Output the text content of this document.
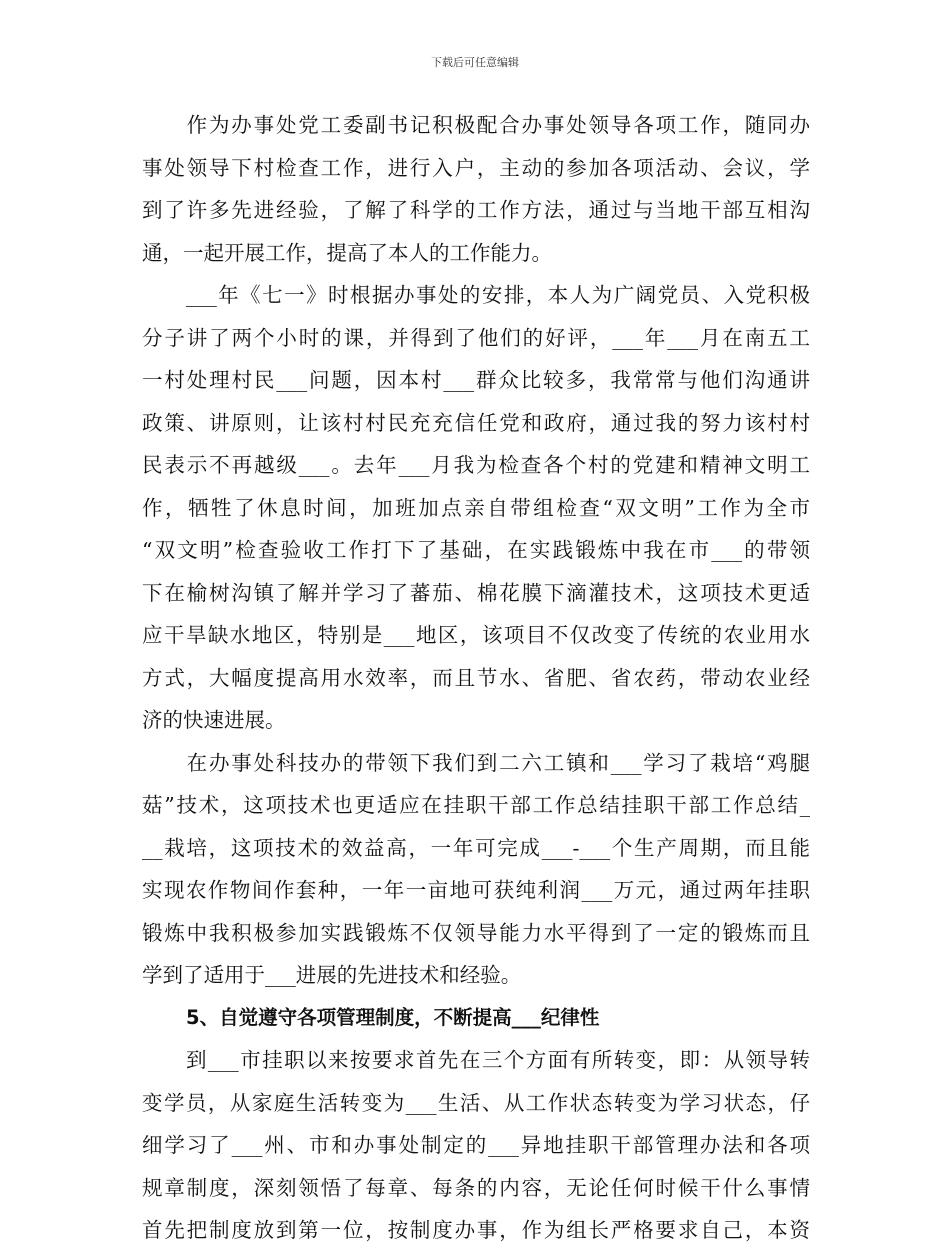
下载后可任意编辑
　　作为办事处党工委副书记积极配合办事处领导各项工作，随同办
事处领导下村检查工作，进行入户，主动的参加各项活动、会议，学
到了许多先进经验，了解了科学的工作方法，通过与当地干部互相沟
通，一起开展工作，提高了本人的工作能力。
　　___年《七一》时根据办事处的安排，本人为广阔党员、入党积极
分子讲了两个小时的课，并得到了他们的好评，___年___月在南五工
一村处理村民___问题，因本村___群众比较多，我常常与他们沟通讲
政策、讲原则，让该村村民充充信任党和政府，通过我的努力该村村
民表示不再越级___。去年___月我为检查各个村的党建和精神文明工
作，牺牲了休息时间，加班加点亲自带组检查“双文明”工作为全市
“双文明”检查验收工作打下了基础，在实践锻炼中我在市___的带领
下在榆树沟镇了解并学习了蕃茄、棉花膜下滴灌技术，这项技术更适
应干旱缺水地区，特别是___地区，该项目不仅改变了传统的农业用水
方式，大幅度提高用水效率，而且节水、省肥、省农药，带动农业经
济的快速进展。
　　在办事处科技办的带领下我们到二六工镇和___学习了栽培“鸡腿
菇”技术，这项技术也更适应在挂职干部工作总结挂职干部工作总结_
__栽培，这项技术的效益高，一年可完成___-___个生产周期，而且能
实现农作物间作套种，一年一亩地可获纯利润___万元，通过两年挂职
锻炼中我积极参加实践锻炼不仅领导能力水平得到了一定的锻炼而且
学到了适用于___进展的先进技术和经验。
5、自觉遵守各项管理制度，不断提高___纪律性
　　到___市挂职以来按要求首先在三个方面有所转变，即：从领导转
变学员，从家庭生活转变为___生活、从工作状态转变为学习状态，仔
细学习了___州、市和办事处制定的___异地挂职干部管理办法和各项
规章制度，深刻领悟了每章、每条的内容，无论任何时候干什么事情
首先把制度放到第一位，按制度办事，作为组长严格要求自己，本资
